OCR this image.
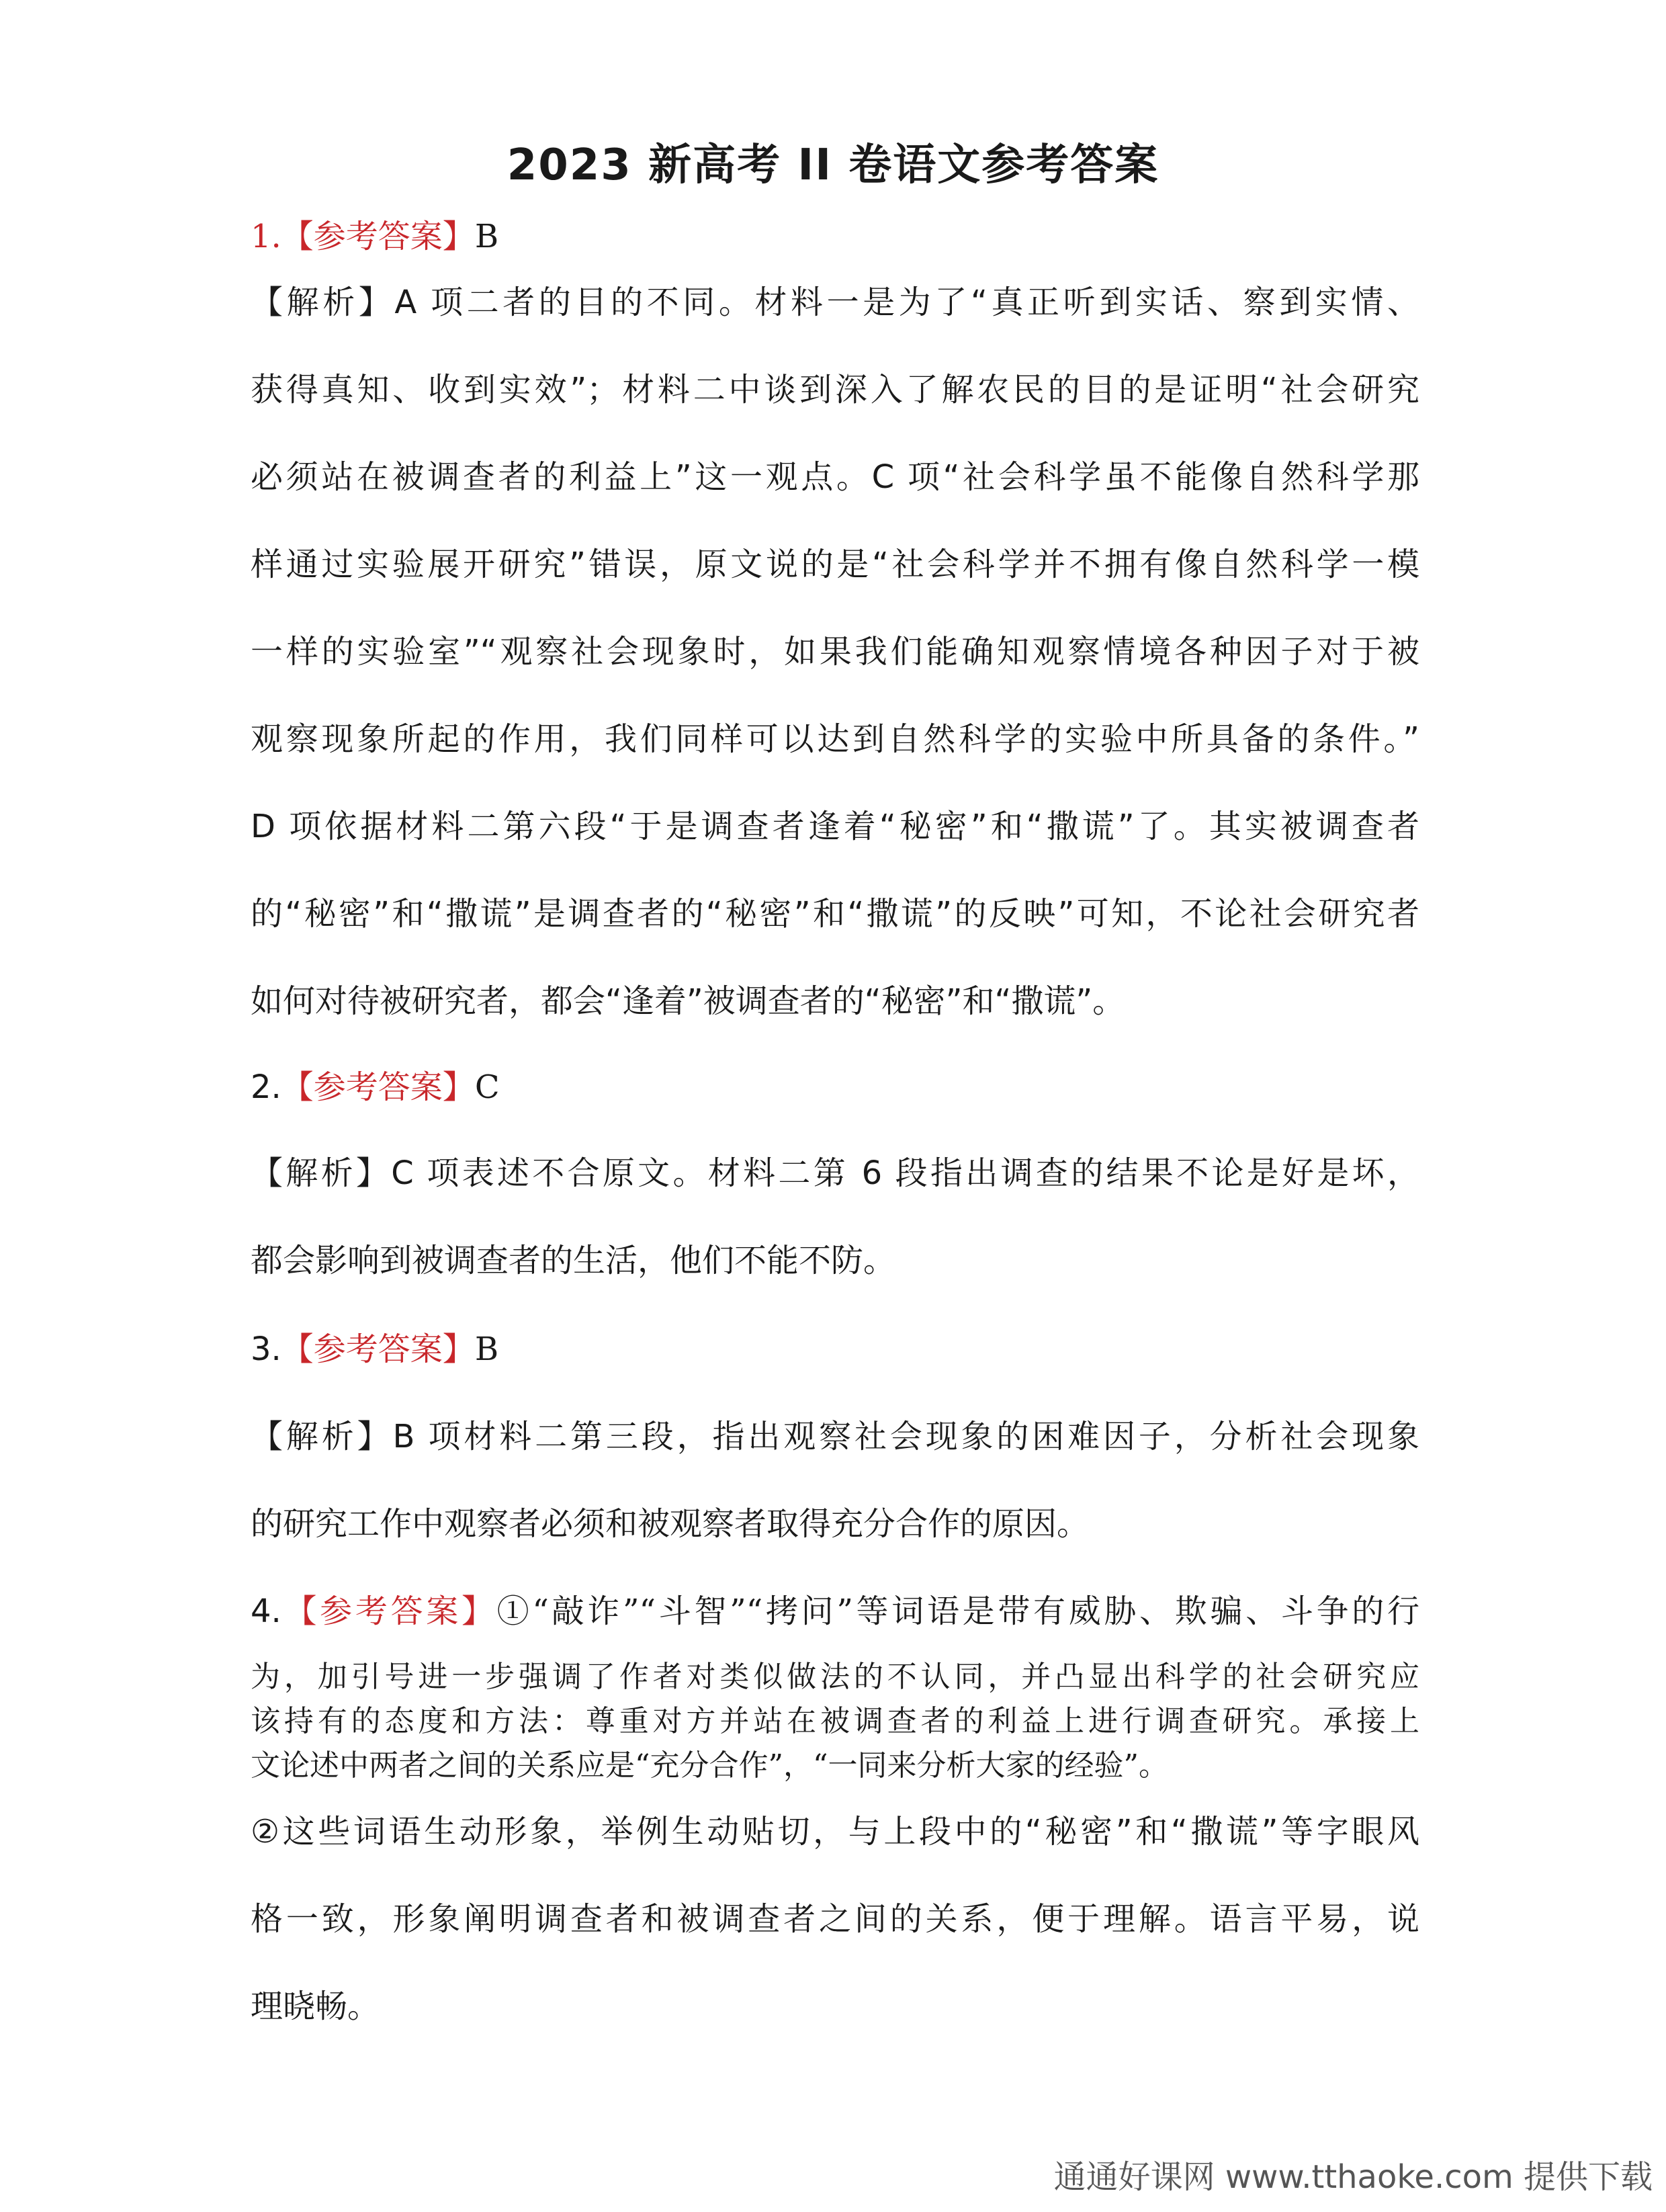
2023 新高考 II 卷语文参考答案
1.【参考答案】B
【解析】A 项二者的目的不同。材料一是为了“真正听到实话、察到实情、
获得真知、收到实效”；材料二中谈到深入了解农民的目的是证明“社会研究
必须站在被调查者的利益上”这一观点。C 项“社会科学虽不能像自然科学那
样通过实验展开研究”错误，原文说的是“社会科学并不拥有像自然科学一模
一样的实验室”“观察社会现象时，如果我们能确知观察情境各种因子对于被
观察现象所起的作用，我们同样可以达到自然科学的实验中所具备的条件。”
D 项依据材料二第六段“于是调查者逢着“秘密”和“撒谎”了。其实被调查者
的“秘密”和“撒谎”是调查者的“秘密”和“撒谎”的反映”可知，不论社会研究者
如何对待被研究者，都会“逢着”被调查者的“秘密”和“撒谎”。
2.【参考答案】C
【解析】C 项表述不合原文。材料二第 6 段指出调查的结果不论是好是坏，
都会影响到被调查者的生活，他们不能不防。
3.【参考答案】B
【解析】B 项材料二第三段，指出观察社会现象的困难因子，分析社会现象
的研究工作中观察者必须和被观察者取得充分合作的原因。
4.【参考答案】①“敲诈”“斗智”“拷问”等词语是带有威胁、欺骗、斗争的行
为，加引号进一步强调了作者对类似做法的不认同，并凸显出科学的社会研究应
该持有的态度和方法：尊重对方并站在被调查者的利益上进行调查研究。承接上
文论述中两者之间的关系应是“充分合作”，“一同来分析大家的经验”。
②这些词语生动形象，举例生动贴切，与上段中的“秘密”和“撒谎”等字眼风
格一致，形象阐明调查者和被调查者之间的关系，便于理解。语言平易，说
理晓畅。
通通好课网 www.tthaoke.com 提供下载
